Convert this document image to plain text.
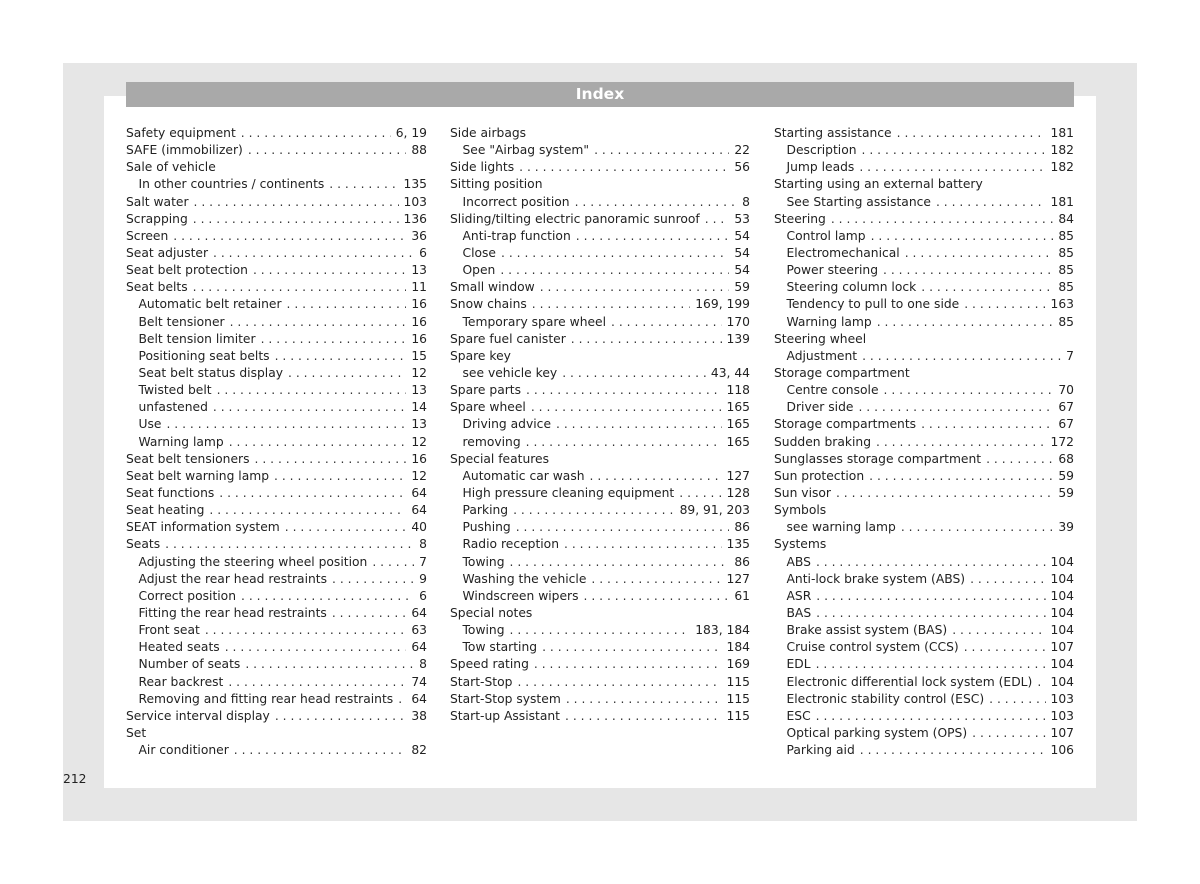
Index
Safety equipment . . .	6, 19
SAFE (immobilizer) . . .	88
Sale of vehicle
In other countries / continents . . .	135
Salt water . . .	103
Scrapping . . .	136
Screen . . .	36
Seat adjuster . . .	6
Seat belt protection . . .	13
Seat belts . . .	11
Automatic belt retainer . . .	16
Belt tensioner . . .	16
Belt tension limiter . . .	16
Positioning seat belts . . .	15
Seat belt status display . . .	12
Twisted belt . . .	13
unfastened . . .	14
Use . . .	13
Warning lamp . . .	12
Seat belt tensioners . . .	16
Seat belt warning lamp . . .	12
Seat functions . . .	64
Seat heating . . .	64
SEAT information system . . .	40
Seats . . .	8
Adjusting the steering wheel position . . .	7
Adjust the rear head restraints . . .	9
Correct position . . .	6
Fitting the rear head restraints . . .	64
Front seat . . .	63
Heated seats . . .	64
Number of seats . . .	8
Rear backrest . . .	74
Removing and fitting rear head restraints . . . 64
Service interval display . . .	38
Set
Air conditioner . . .	82
Side airbags
See "Airbag system" . . .	22
Side lights . . .	56
Sitting position
Incorrect position . . .	8
Sliding/tilting electric panoramic sunroof . . .	53
Anti-trap function . . .	54
Close . . .	54
Open . . .	54
Small window . . .	59
Snow chains . . .	169, 199
Temporary spare wheel . . .	170
Spare fuel canister . . .	139
Spare key
see vehicle key . . .	43, 44
Spare parts . . .	118
Spare wheel . . .	165
Driving advice . . .	165
removing . . .	165
Special features
Automatic car wash . . .	127
High pressure cleaning equipment . . .	128
Parking . . .	89, 91, 203
Pushing . . .	86
Radio reception . . .	135
Towing . . .	86
Washing the vehicle . . .	127
Windscreen wipers . . .	61
Special notes
Towing . . .	183, 184
Tow starting . . .	184
Speed rating . . .	169
Start-Stop . . .	115
Start-Stop system . . .	115
Start-up Assistant . . .	115
Starting assistance . . .	181
Description . . .	182
Jump leads . . .	182
Starting using an external battery
See Starting assistance . . .	181
Steering . . .	84
Control lamp . . .	85
Electromechanical . . .	85
Power steering . . .	85
Steering column lock . . .	85
Tendency to pull to one side . . .	163
Warning lamp . . .	85
Steering wheel
Adjustment . . .	7
Storage compartment
Centre console . . .	70
Driver side . . .	67
Storage compartments . . .	67
Sudden braking . . .	172
Sunglasses storage compartment . . .	68
Sun protection . . .	59
Sun visor . . .	59
Symbols
see warning lamp . . .	39
Systems
ABS . . .	104
Anti-lock brake system (ABS) . . .	104
ASR . . .	104
BAS . . .	104
Brake assist system (BAS) . . .	104
Cruise control system (CCS) . . .	107
EDL . . .	104
Electronic differential lock system (EDL) . . . 104
Electronic stability control (ESC) . . .	103
ESC . . .	103
Optical parking system (OPS) . . .	107
Parking aid . . .	106
212
